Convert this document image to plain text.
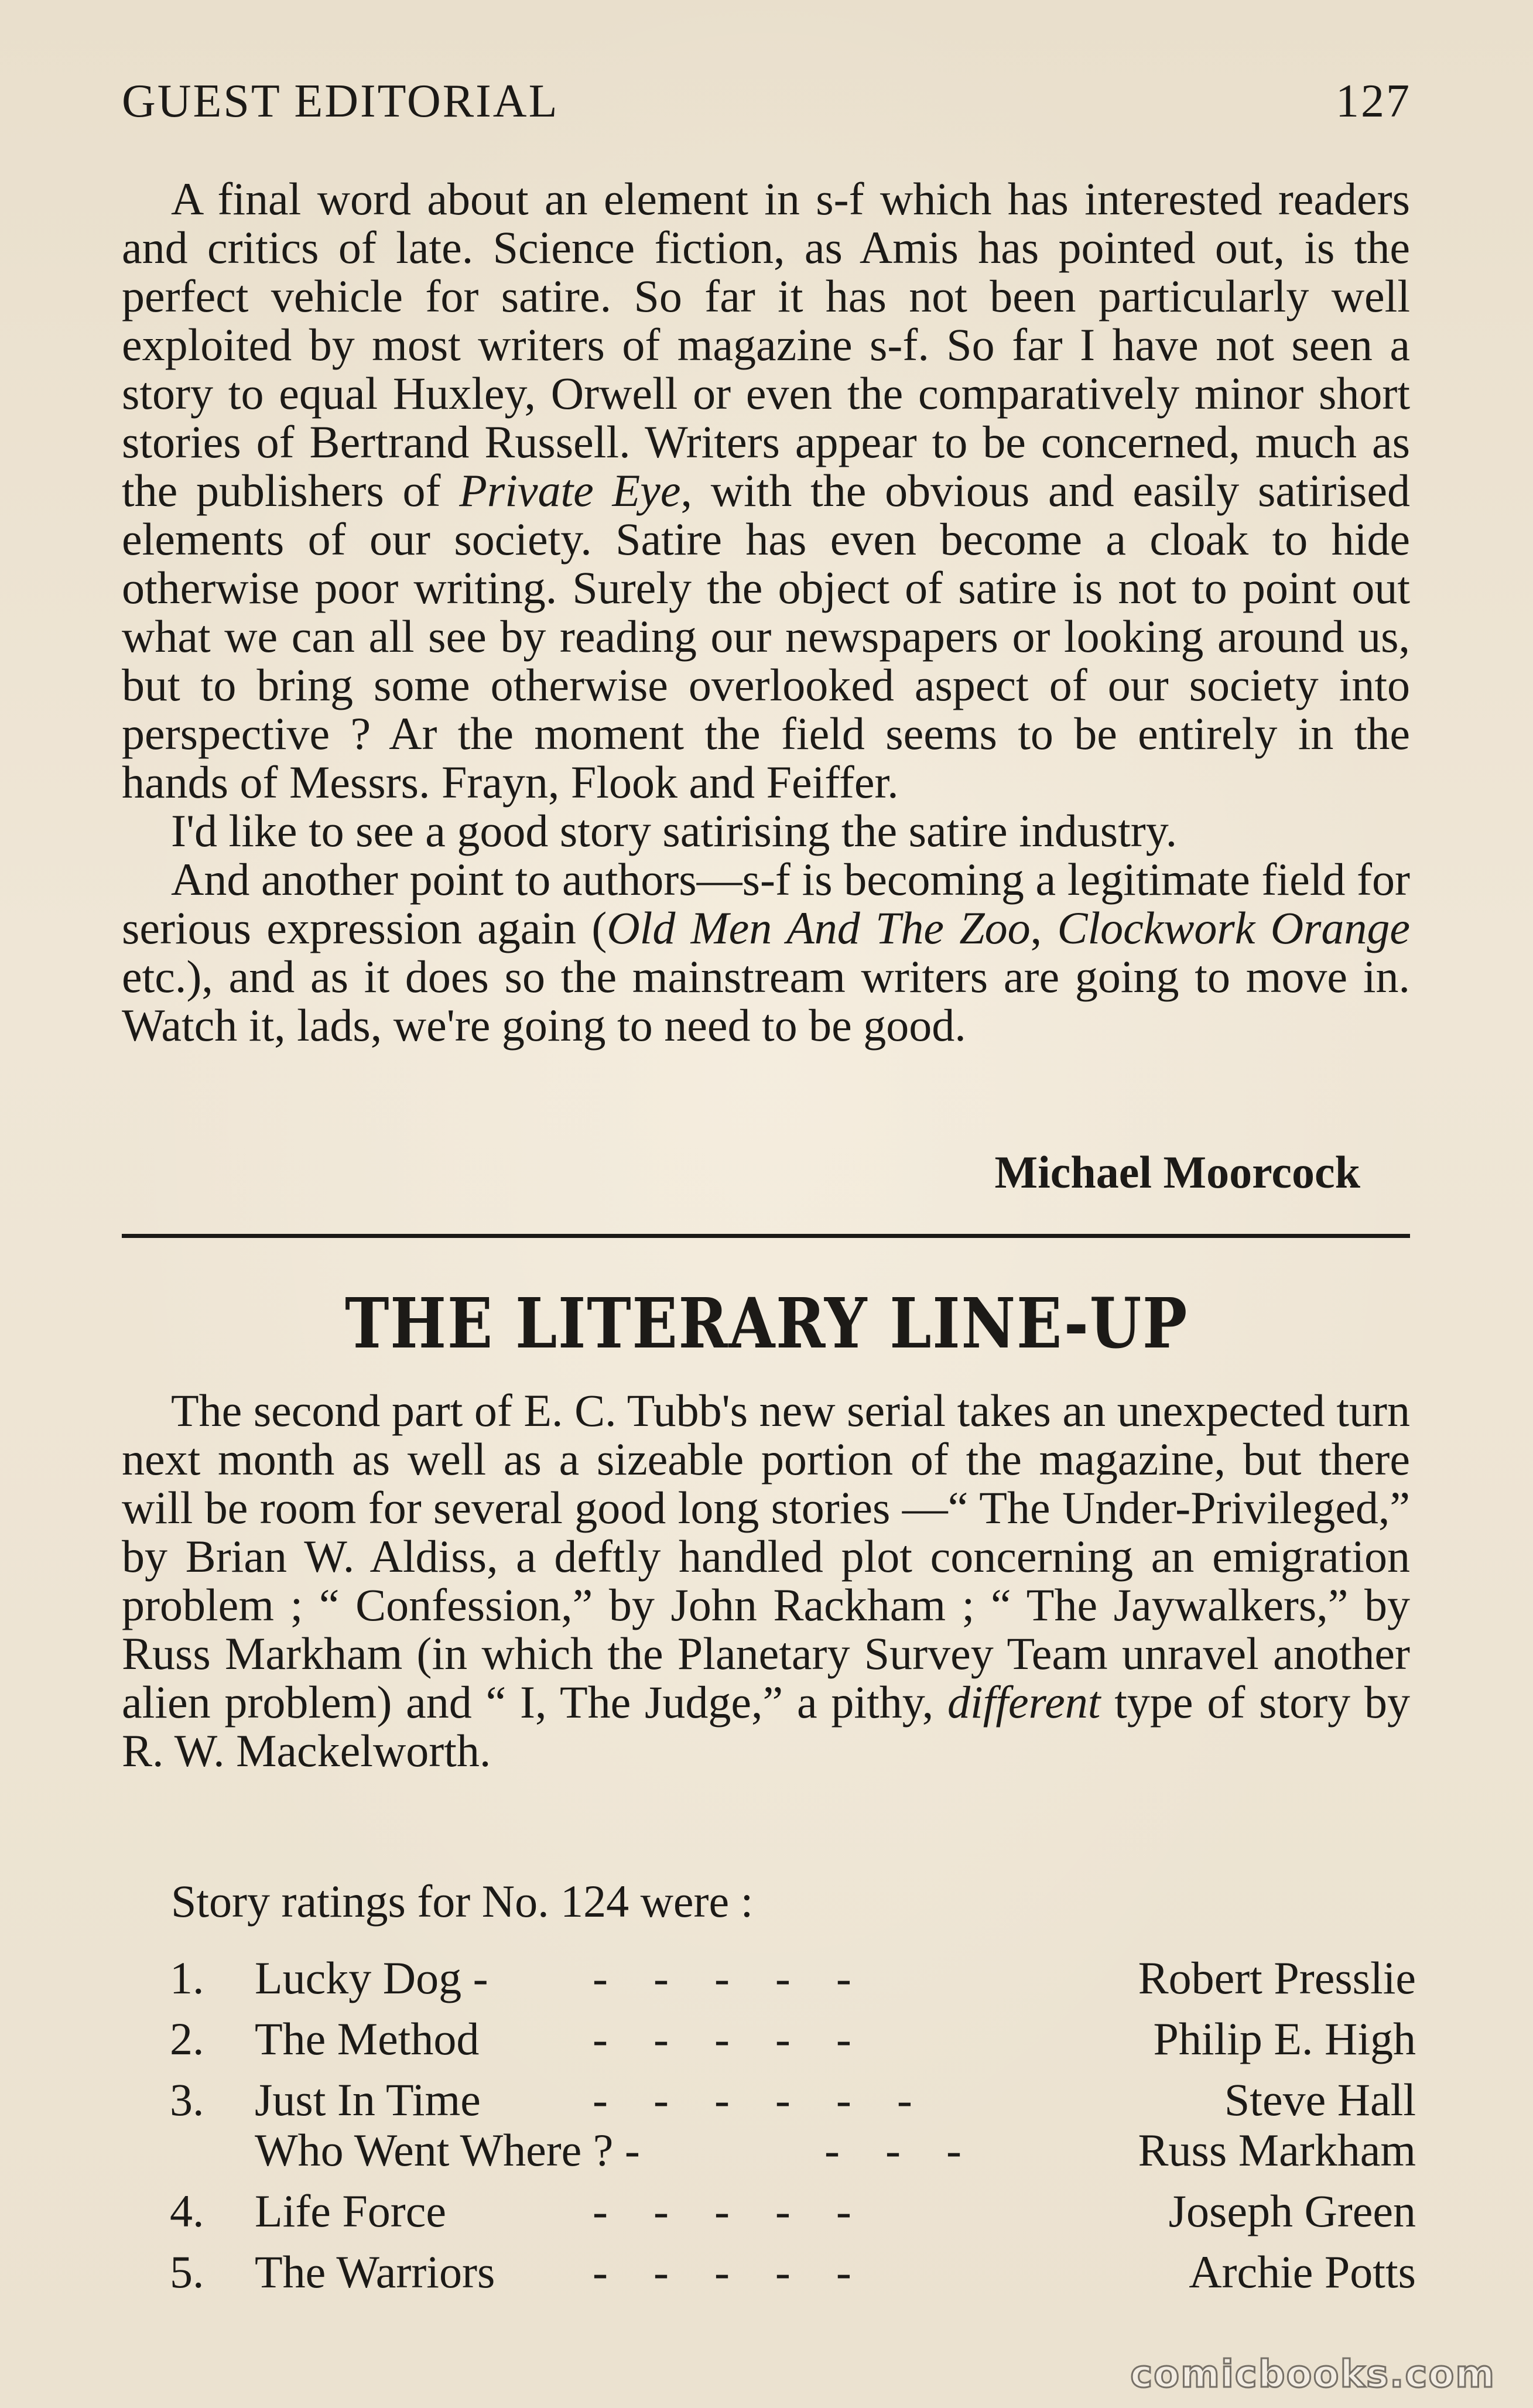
GUEST EDITORIAL	127

A final word about an element in s-f which has interested readers and critics of late. Science fiction, as Amis has pointed out, is the perfect vehicle for satire. So far it has not been particularly well exploited by most writers of magazine s-f. So far I have not seen a story to equal Huxley, Orwell or even the comparatively minor short stories of Bertrand Russell. Writers appear to be concerned, much as the publishers of Private Eye, with the obvious and easily satirised elements of our society. Satire has even become a cloak to hide otherwise poor writing. Surely the object of satire is not to point out what we can all see by reading our newspapers or looking around us, but to bring some otherwise overlooked aspect of our society into perspective ? Ar the moment the field seems to be entirely in the hands of Messrs. Frayn, Flook and Feiffer.

I'd like to see a good story satirising the satire industry.

And another point to authors—s-f is becoming a legitimate field for serious expression again (Old Men And The Zoo, Clockwork Orange etc.), and as it does so the mainstream writers are going to move in. Watch it, lads, we're going to need to be good.

Michael Moorcock
THE LITERARY LINE-UP

The second part of E. C. Tubb's new serial takes an unexpected turn next month as well as a sizeable portion of the magazine, but there will be room for several good long stories —“ The Under-Privileged,” by Brian W. Aldiss, a deftly handled plot concerning an emigration problem ; “ Confession,” by John Rackham ; “ The Jaywalkers,” by Russ Markham (in which the Planetary Survey Team unravel another alien problem) and “ I, The Judge,” a pithy, different type of story by R. W. Mackelworth.

Story ratings for No. 124 were :
1. Lucky Dog - -    -    -    -    -	Robert Presslie
2. The Method -    -    -    -    -	Philip E. High
3. Just In Time -    -    -    -    -    -	Steve Hall
Who Went Where ? -	-    -    -	Russ Markham
4. Life Force	-    -    -    -    -	Joseph Green
5. The Warriors -    -    -    -    -	Archie Potts
comicbooks.com
